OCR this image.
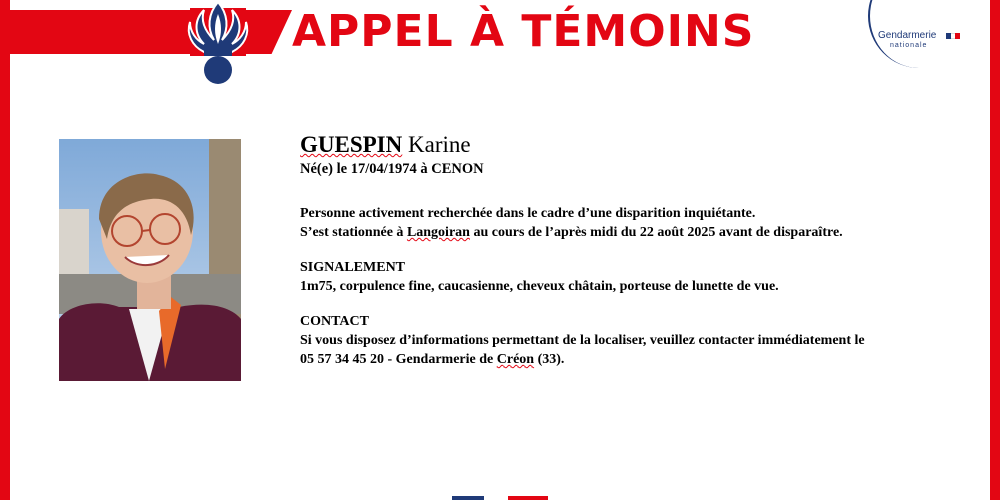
APPEL À TÉMOINS	Gendarmerie
nationale
GUESPIN Karine
Né(e) le 17/04/1974 à CENON
Personne activement recherchée dans le cadre d’une disparition inquiétante.
S’est stationnée à Langoiran au cours de l’après midi du 22 août 2025 avant de disparaître.
SIGNALEMENT
1m75, corpulence fine, caucasienne, cheveux châtain, porteuse de lunette de vue.
CONTACT
Si vous disposez d’informations permettant de la localiser, veuillez contacter immédiatement le
05 57 34 45 20 - Gendarmerie de Créon (33).
